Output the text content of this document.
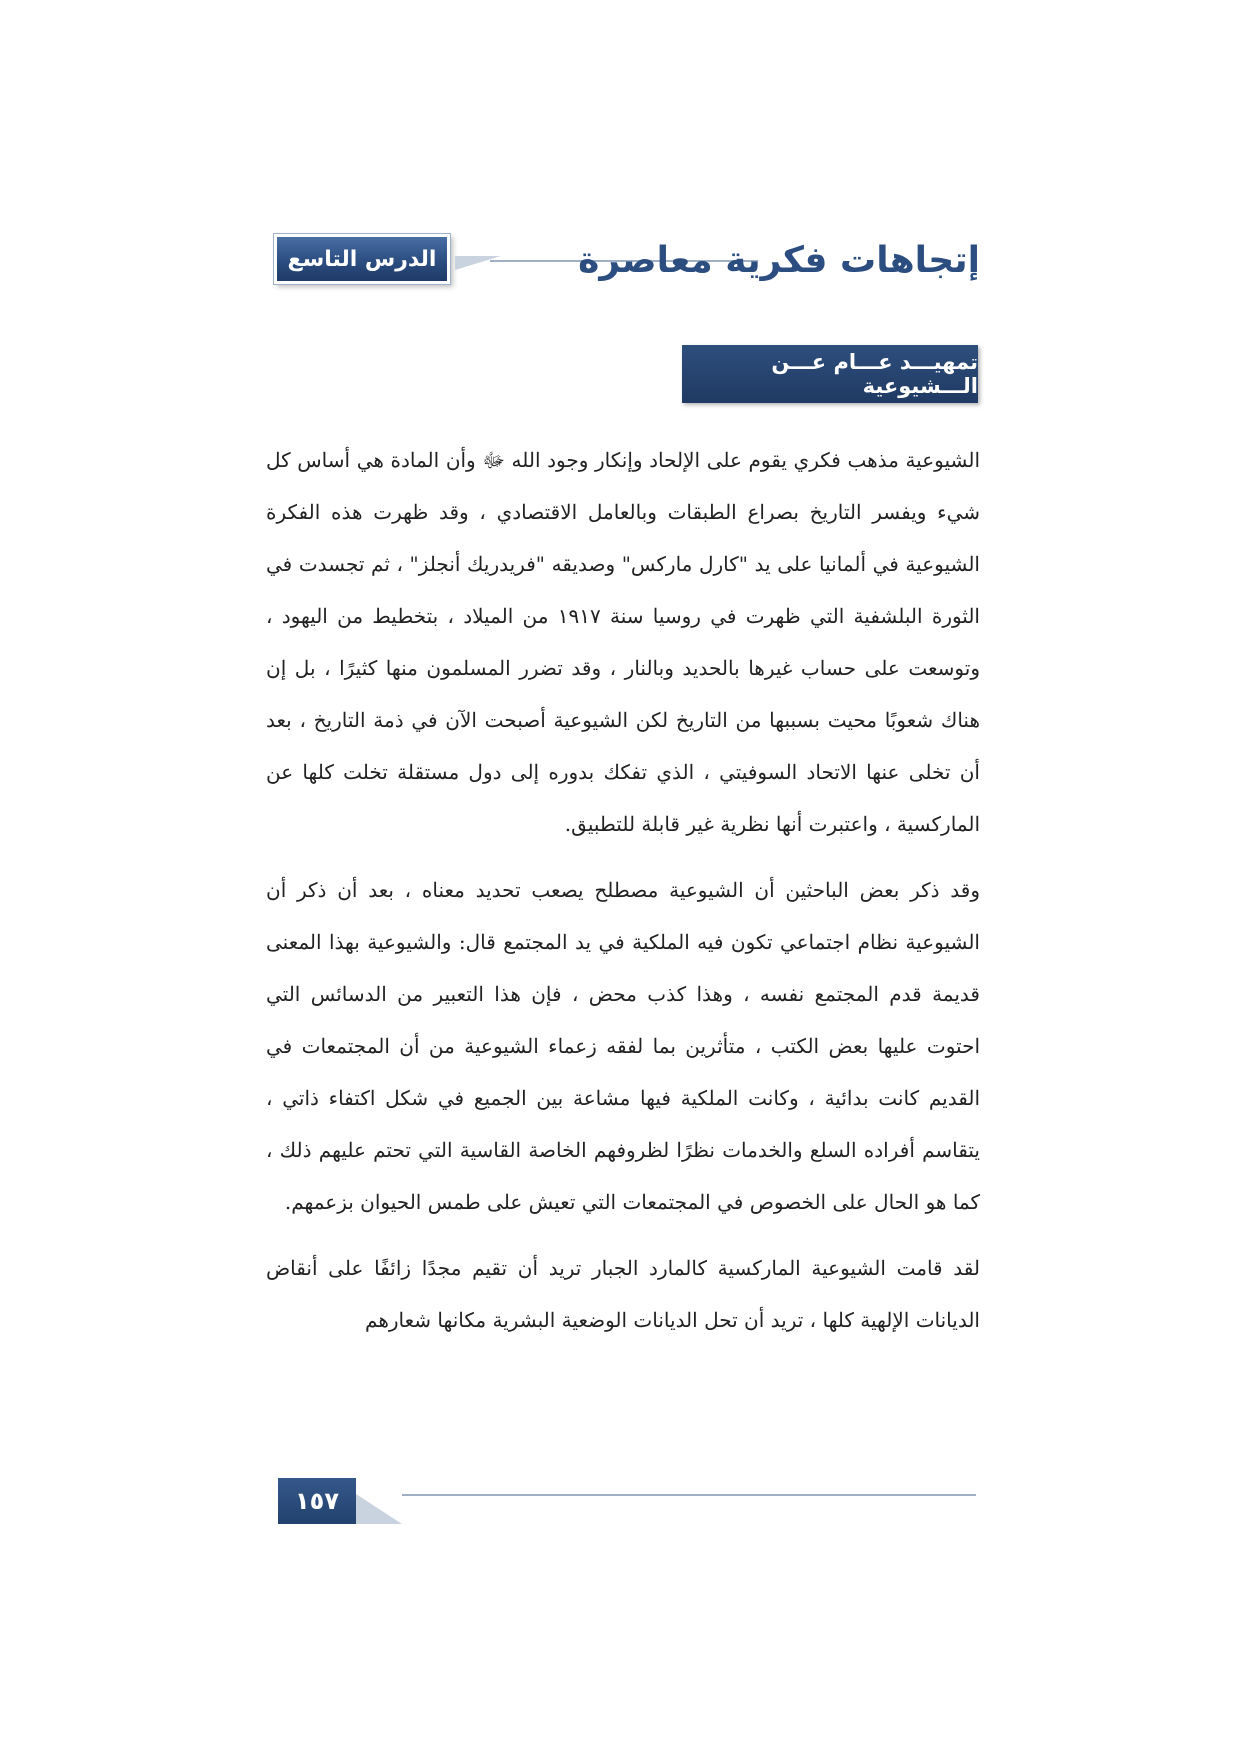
الدرس التاسع	إتجاهات فكرية معاصرة
تمهيـــد عـــام عـــن الـــشيوعية

الشيوعية مذهب فكري يقوم على الإلحاد وإنكار وجود الله ﷻ وأن المادة هي أساس كل شيء ويفسر التاريخ بصراع الطبقات وبالعامل الاقتصادي ، وقد ظهرت هذه الفكرة الشيوعية في ألمانيا على يد "كارل ماركس" وصديقه "فريدريك أنجلز" ، ثم تجسدت في الثورة البلشفية التي ظهرت في روسيا سنة ١٩١٧ من الميلاد ، بتخطيط من اليهود ، وتوسعت على حساب غيرها بالحديد وبالنار ، وقد تضرر المسلمون منها كثيرًا ، بل إن هناك شعوبًا محيت بسببها من التاريخ لكن الشيوعية أصبحت الآن في ذمة التاريخ ، بعد أن تخلى عنها الاتحاد السوفيتي ، الذي تفكك بدوره إلى دول مستقلة تخلت كلها عن الماركسية ، واعتبرت أنها نظرية غير قابلة للتطبيق.

وقد ذكر بعض الباحثين أن الشيوعية مصطلح يصعب تحديد معناه ، بعد أن ذكر أن الشيوعية نظام اجتماعي تكون فيه الملكية في يد المجتمع قال: والشيوعية بهذا المعنى قديمة قدم المجتمع نفسه ، وهذا كذب محض ، فإن هذا التعبير من الدسائس التي احتوت عليها بعض الكتب ، متأثرين بما لفقه زعماء الشيوعية من أن المجتمعات في القديم كانت بدائية ، وكانت الملكية فيها مشاعة بين الجميع في شكل اكتفاء ذاتي ، يتقاسم أفراده السلع والخدمات نظرًا لظروفهم الخاصة القاسية التي تحتم عليهم ذلك ، كما هو الحال على الخصوص في المجتمعات التي تعيش على طمس الحيوان بزعمهم.

لقد قامت الشيوعية الماركسية كالمارد الجبار تريد أن تقيم مجدًا زائفًا على أنقاض الديانات الإلهية كلها ، تريد أن تحل الديانات الوضعية البشرية مكانها شعارهم

١٥٧
